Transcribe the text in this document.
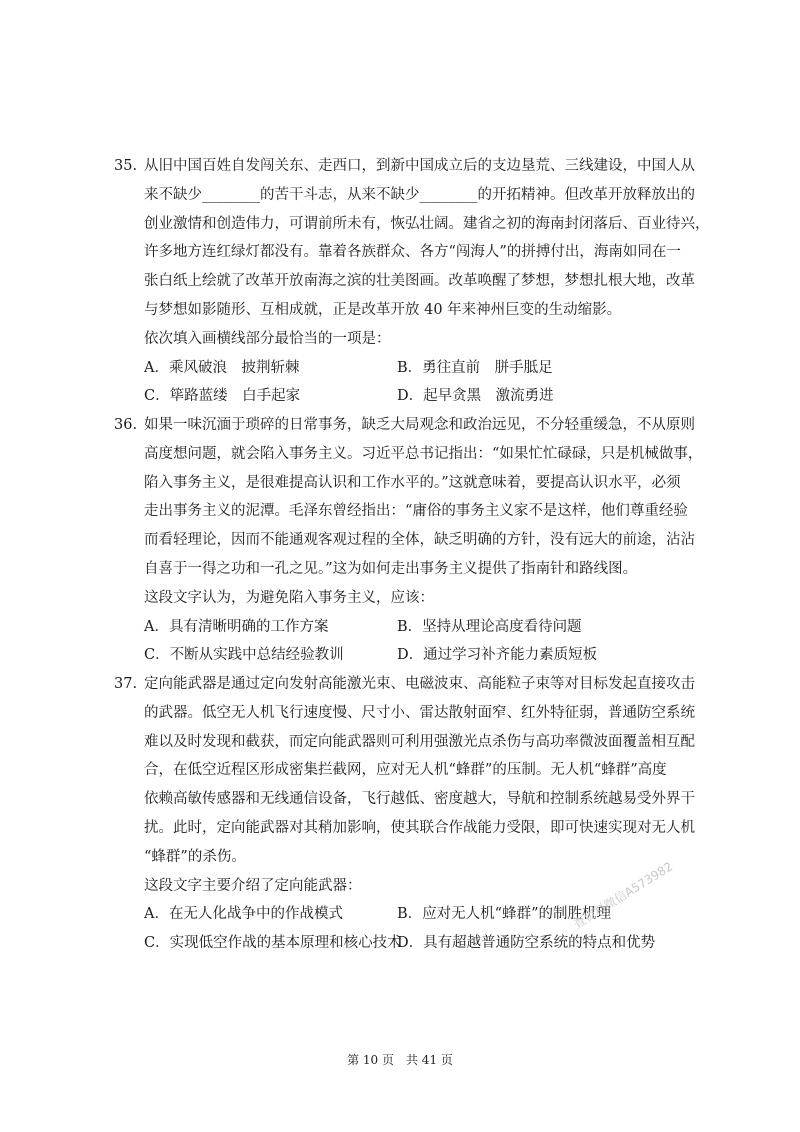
35. 从旧中国百姓自发闯关东、走西口，到新中国成立后的支边垦荒、三线建设，中国人从
来不缺少________的苦干斗志，从来不缺少________的开拓精神。但改革开放释放出的
创业激情和创造伟力，可谓前所未有，恢弘壮阔。建省之初的海南封闭落后、百业待兴，
许多地方连红绿灯都没有。靠着各族群众、各方“闯海人”的拼搏付出，海南如同在一
张白纸上绘就了改革开放南海之滨的壮美图画。改革唤醒了梦想，梦想扎根大地，改革
与梦想如影随形、互相成就，正是改革开放 40 年来神州巨变的生动缩影。
依次填入画横线部分最恰当的一项是：
A．乘风破浪　披荆斩棘	B．勇往直前　胼手胝足
C．筚路蓝缕　白手起家	D．起早贪黑　激流勇进
36. 如果一味沉湎于琐碎的日常事务，缺乏大局观念和政治远见，不分轻重缓急，不从原则
高度想问题，就会陷入事务主义。习近平总书记指出：“如果忙忙碌碌，只是机械做事，
陷入事务主义，是很难提高认识和工作水平的。”这就意味着，要提高认识水平，必须
走出事务主义的泥潭。毛泽东曾经指出：“庸俗的事务主义家不是这样，他们尊重经验
而看轻理论，因而不能通观客观过程的全体，缺乏明确的方针，没有远大的前途，沾沾
自喜于一得之功和一孔之见。”这为如何走出事务主义提供了指南针和路线图。
这段文字认为，为避免陷入事务主义，应该：
A．具有清晰明确的工作方案	B．坚持从理论高度看待问题
C．不断从实践中总结经验教训	D．通过学习补齐能力素质短板
37. 定向能武器是通过定向发射高能激光束、电磁波束、高能粒子束等对目标发起直接攻击
的武器。低空无人机飞行速度慢、尺寸小、雷达散射面窄、红外特征弱，普通防空系统
难以及时发现和截获，而定向能武器则可利用强激光点杀伤与高功率微波面覆盖相互配
合，在低空近程区形成密集拦截网，应对无人机“蜂群”的压制。无人机“蜂群”高度
依赖高敏传感器和无线通信设备，飞行越低、密度越大，导航和控制系统越易受外界干
扰。此时，定向能武器对其稍加影响，使其联合作战能力受限，即可快速实现对无人机
“蜂群”的杀伤。
这段文字主要介绍了定向能武器：
A．在无人化战争中的作战模式	B．应对无人机“蜂群”的制胜机理
C．实现低空作战的基本原理和核心技术
D．具有超越普通防空系统的特点和优势
查资料微信A573982
第 10 页　共 41 页
